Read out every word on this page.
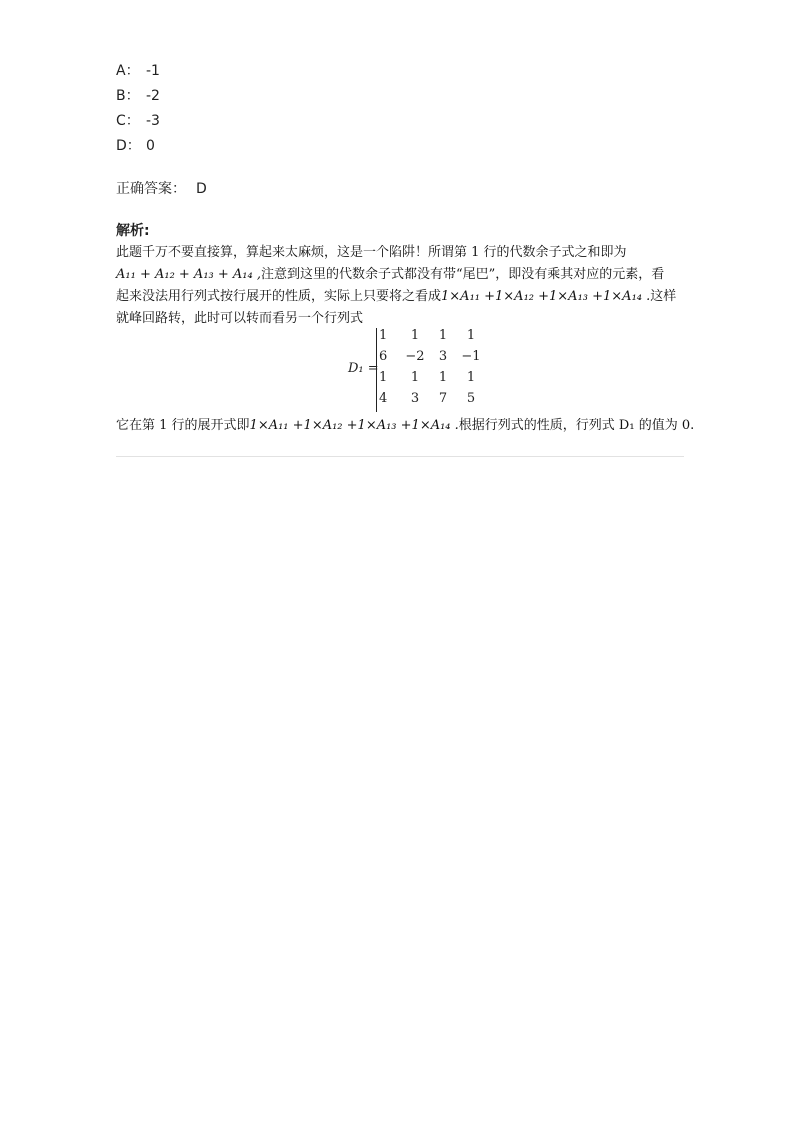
A： -1
B： -2
C： -3
D： 0
正确答案： D
解析:
此题千万不要直接算，算起来太麻烦，这是一个陷阱！所谓第 1 行的代数余子式之和即为
A₁₁ + A₁₂ + A₁₃ + A₁₄ ,注意到这里的代数余子式都没有带“尾巴”，即没有乘其对应的元素，看
起来没法用行列式按行展开的性质，实际上只要将之看成1×A₁₁ +1×A₁₂ +1×A₁₃ +1×A₁₄ .这样
就峰回路转，此时可以转而看另一个行列式
D₁ =
1	1	1	1
6	−2	3	−1
1	1	1	1
4	3	7	5
它在第 1 行的展开式即1×A₁₁ +1×A₁₂ +1×A₁₃ +1×A₁₄ .根据行列式的性质，行列式 D₁ 的值为 0.
